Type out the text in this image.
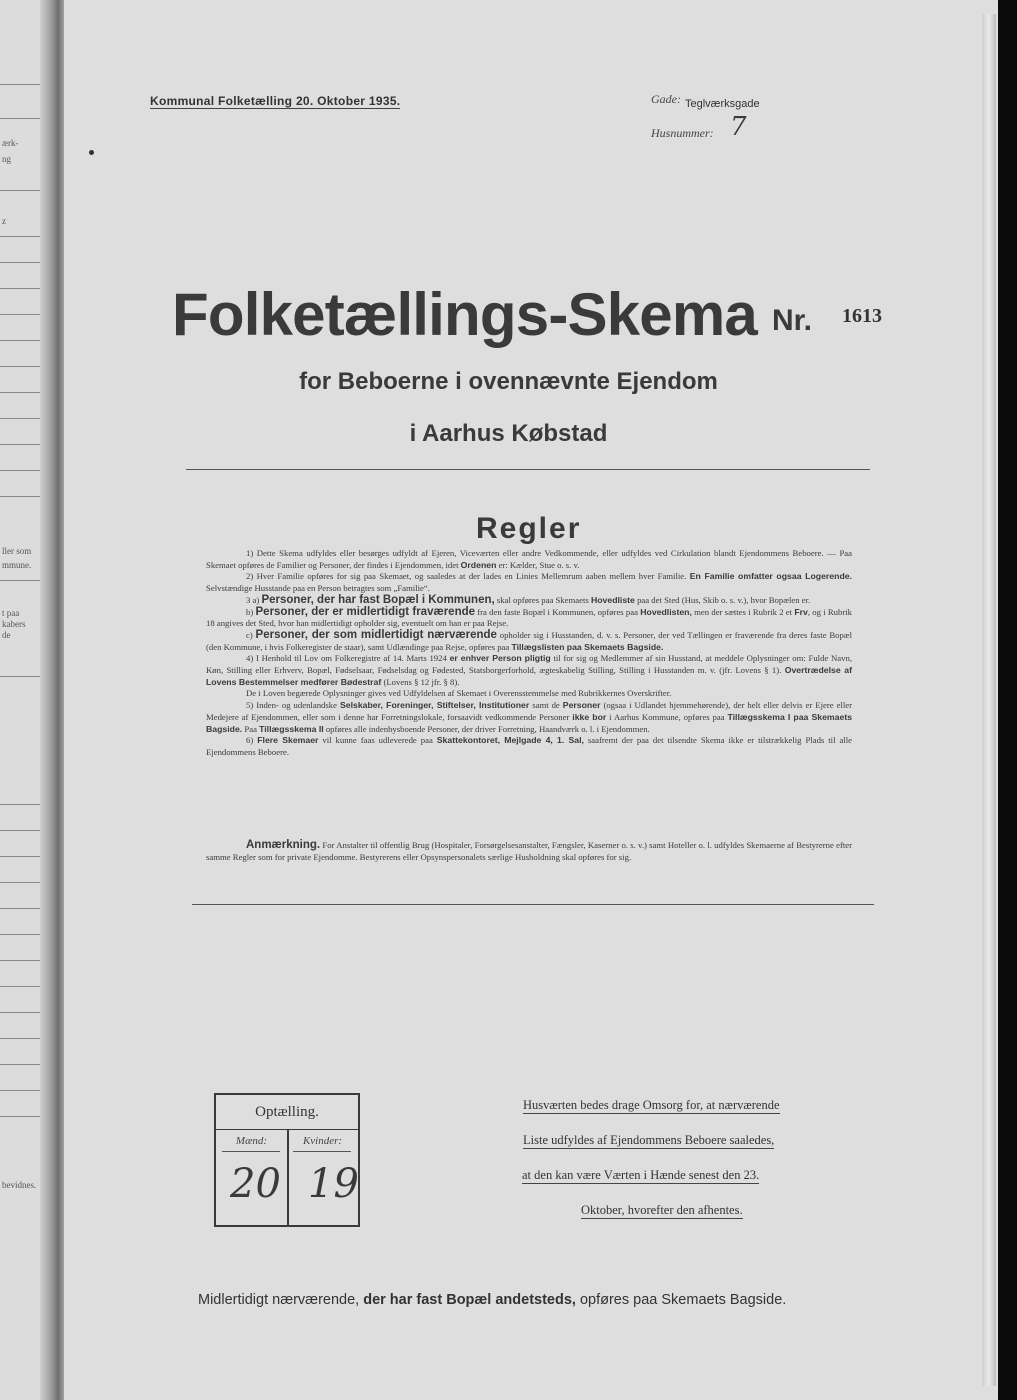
ærk-
ng
z
ller som
mmune.
t paa
kabers
de
bevidnes.
Kommunal Folketælling 20. Oktober 1935.	Gade: Teglværksgade
Husnummer: 7
Folketællings-Skema Nr. 1613
for Beboerne i ovennævnte Ejendom
i Aarhus Købstad
Regler

1) Dette Skema udfyldes eller besørges udfyldt af Ejeren, Viceværten eller andre Vedkommende, eller udfyldes ved Cirkulation blandt Ejendommens Beboere. — Paa Skemaet opføres de Familier og Personer, der findes i Ejendommen, idet Ordenen er: Kælder, Stue o. s. v.

2) Hver Familie opføres for sig paa Skemaet, og saaledes at der lades en Linies Mellemrum aaben mellem hver Familie. En Familie omfatter ogsaa Logerende. Selvstændige Husstande paa en Person betragtes som „Familie“.

3 a) Personer, der har fast Bopæl i Kommunen, skal opføres paa Skemaets Hovedliste paa det Sted (Hus, Skib o. s. v.), hvor Bopælen er.

b) Personer, der er midlertidigt fraværende fra den faste Bopæl i Kommunen, opføres paa Hovedlisten, men der sættes i Rubrik 2 et Frv, og i Rubrik 18 angives det Sted, hvor han midlertidigt opholder sig, eventuelt om han er paa Rejse.

c) Personer, der som midlertidigt nærværende opholder sig i Husstanden, d. v. s. Personer, der ved Tællingen er fraværende fra deres faste Bopæl (den Kommune, i hvis Folkeregister de staar), samt Udlændinge paa Rejse, opføres paa Tillægslisten paa Skemaets Bagside.

4) I Henhold til Lov om Folkeregistre af 14. Marts 1924 er enhver Person pligtig til for sig og Medlemmer af sin Husstand, at meddele Oplysninger om: Fulde Navn, Køn, Stilling eller Erhverv, Bopæl, Fødselsaar, Fødselsdag og Fødested, Statsborgerforhold, ægteskabelig Stilling, Stilling i Husstanden m. v. (jfr. Lovens § 1). Overtrædelse af Lovens Bestemmelser medfører Bødestraf (Lovens § 12 jfr. § 8).

De i Loven begærede Oplysninger gives ved Udfyldelsen af Skemaet i Overensstemmelse med Rubrikkernes Overskrifter.

5) Inden- og udenlandske Selskaber, Foreninger, Stiftelser, Institutioner samt de Personer (ogsaa i Udlandet hjemmehørende), der helt eller delvis er Ejere eller Medejere af Ejendommen, eller som i denne har Forretningslokale, forsaavidt vedkommende Personer ikke bor i Aarhus Kommune, opføres paa Tillægsskema I paa Skemaets Bagside. Paa Tillægsskema II opføres alle indenbysboende Personer, der driver Forretning, Haandværk o. l. i Ejendommen.

6) Flere Skemaer vil kunne faas udleverede paa Skattekontoret, Mejlgade 4, 1. Sal, saafremt der paa det tilsendte Skema ikke er tilstrækkelig Plads til alle Ejendommens Beboere.

Anmærkning. For Anstalter til offentlig Brug (Hospitaler, Forsørgelsesanstalter, Fængsler, Kaserner o. s. v.) samt Hoteller o. l. udfyldes Skemaerne af Bestyrerne efter samme Regler som for private Ejendomme. Bestyrerens eller Opsynspersonalets særlige Husholdning skal opføres for sig.

Optælling.
Mænd:	Kvinder:
20 19
Husværten bedes drage Omsorg for, at nærværende
Liste udfyldes af Ejendommens Beboere saaledes,
at den kan være Værten i Hænde senest den 23.
Oktober, hvorefter den afhentes.
Midlertidigt nærværende, der har fast Bopæl andetsteds, opføres paa Skemaets Bagside.
